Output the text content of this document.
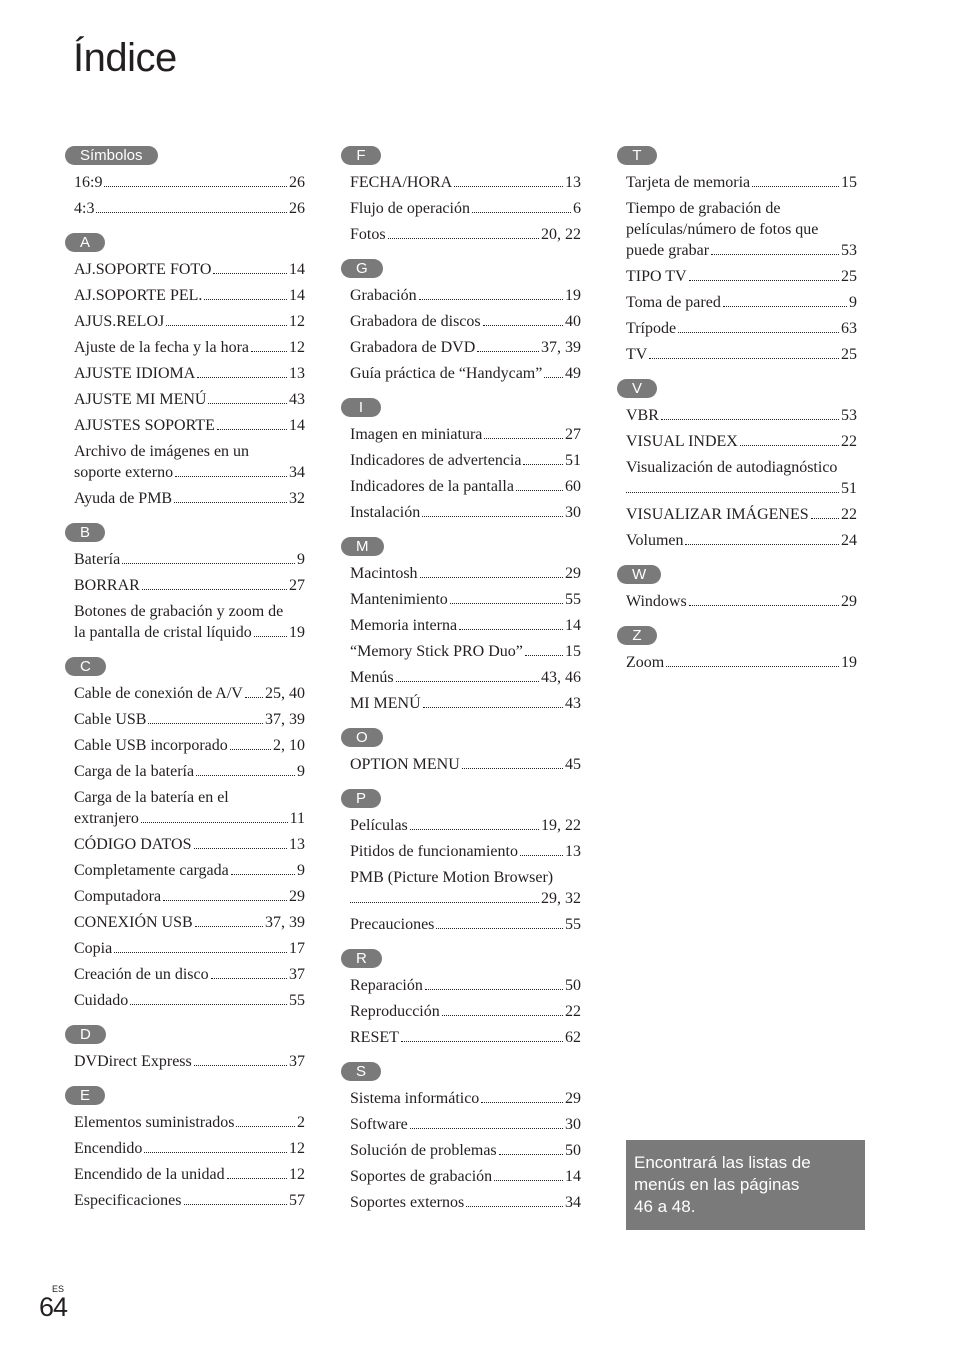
Índice
Símbolos
16:9	26
4:3	26
A
AJ.SOPORTE FOTO	14
AJ.SOPORTE PEL.	14
AJUS.RELOJ	12
Ajuste de la fecha y la hora 12
AJUSTE IDIOMA	13
AJUSTE MI MENÚ	43
AJUSTES SOPORTE	14
Archivo de imágenes en un
soporte externo	34
Ayuda de PMB	32
B
Batería	9
BORRAR	27
Botones de grabación y zoom de
la pantalla de cristal líquido 19
C
Cable de conexión de A/V 25, 40
Cable USB	37, 39
Cable USB incorporado	2, 10
Carga de la batería	9
Carga de la batería en el
extranjero	11
CÓDIGO DATOS	13
Completamente cargada	9
Computadora	29
CONEXIÓN USB	37, 39
Copia	17
Creación de un disco	37
Cuidado	55
D
DVDirect Express	37
E
Elementos suministrados	2
Encendido	12
Encendido de la unidad	12
Especificaciones	57
F
FECHA/HORA	13
Flujo de operación	6
Fotos	20, 22
G
Grabación	19
Grabadora de discos	40
Grabadora de DVD	37, 39
Guía práctica de “Handycam” 49
I
Imagen en miniatura	27
Indicadores de advertencia	51
Indicadores de la pantalla	60
Instalación	30
M
Macintosh	29
Mantenimiento	55
Memoria interna	14
“Memory Stick PRO Duo”	15
Menús	43, 46
MI MENÚ	43
O
OPTION MENU	45
P
Películas	19, 22
Pitidos de funcionamiento	13
PMB (Picture Motion Browser)
29, 32
Precauciones	55
R
Reparación	50
Reproducción	22
RESET	62
S
Sistema informático	29
Software	30
Solución de problemas	50
Soportes de grabación	14
Soportes externos	34
T
Tarjeta de memoria	15
Tiempo de grabación de
películas/número de fotos que
puede grabar	53
TIPO TV	25
Toma de pared	9
Trípode	63
TV	25
V
VBR	53
VISUAL INDEX	22
Visualización de autodiagnóstico
51
VISUALIZAR IMÁGENES 22
Volumen	24
W
Windows	29
Z
Zoom	19
Encontrará las listas de
menús en las páginas
46 a 48.
ES
64
